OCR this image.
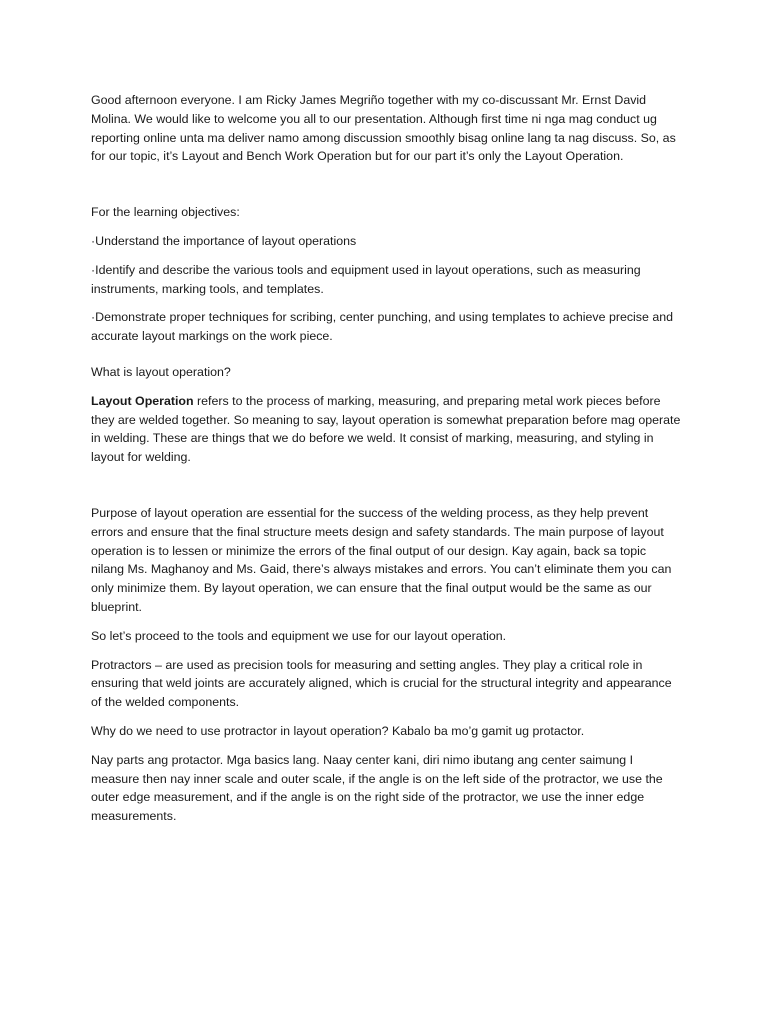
Good afternoon everyone. I am Ricky James Megriño together with my co-discussant Mr. Ernst David Molina. We would like to welcome you all to our presentation. Although first time ni nga mag conduct ug reporting online unta ma deliver namo among discussion smoothly bisag online lang ta nag discuss. So, as for our topic, it’s Layout and Bench Work Operation but for our part it’s only the Layout Operation.

For the learning objectives:

·Understand the importance of layout operations

·Identify and describe the various tools and equipment used in layout operations, such as measuring instruments, marking tools, and templates.

·Demonstrate proper techniques for scribing, center punching, and using templates to achieve precise and accurate layout markings on the work piece.

What is layout operation?

Layout Operation refers to the process of marking, measuring, and preparing metal work pieces before they are welded together. So meaning to say, layout operation is somewhat preparation before mag operate in welding. These are things that we do before we weld. It consist of marking, measuring, and styling in layout for welding.

Purpose of layout operation are essential for the success of the welding process, as they help prevent errors and ensure that the final structure meets design and safety standards. The main purpose of layout operation is to lessen or minimize the errors of the final output of our design. Kay again, back sa topic nilang Ms. Maghanoy and Ms. Gaid, there’s always mistakes and errors. You can’t eliminate them you can only minimize them. By layout operation, we can ensure that the final output would be the same as our blueprint.

So let’s proceed to the tools and equipment we use for our layout operation.

Protractors – are used as precision tools for measuring and setting angles. They play a critical role in ensuring that weld joints are accurately aligned, which is crucial for the structural integrity and appearance of the welded components.

Why do we need to use protractor in layout operation? Kabalo ba mo’g gamit ug protactor.

Nay parts ang protactor. Mga basics lang. Naay center kani, diri nimo ibutang ang center saimung I measure then nay inner scale and outer scale, if the angle is on the left side of the protractor, we use the outer edge measurement, and if the angle is on the right side of the protractor, we use the inner edge measurements.
